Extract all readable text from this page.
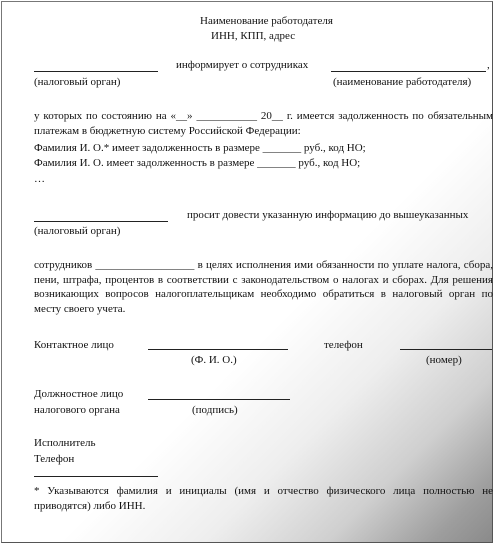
Наименование работодателя
ИНН, КПП, адрес
информирует о сотрудниках	,
(налоговый орган)	(наименование работодателя)
у которых по состоянию на «__» ___________ 20__ г. имеется задолженность по обязательным платежам в бюджетную систему Российской Федерации:
Фамилия И. О.* имеет задолженность в размере _______ руб., код НО;
Фамилия И. О. имеет задолженность в размере _______ руб., код НО;
…
просит довести указанную информацию до вышеуказанных
(налоговый орган)
сотрудников __________________ в целях исполнения ими обязанности по уплате налога, сбора, пени, штрафа, процентов в соответствии с законодательством о налогах и сборах. Для решения возникающих вопросов налогоплательщикам необходимо обратиться в налоговый орган по месту своего учета.
Контактное лицо	телефон
(Ф. И. О.)	(номер)
Должностное лицо
налогового органа	(подпись)
Исполнитель
Телефон
* Указываются фамилия и инициалы (имя и отчество физического лица полностью не приводятся) либо ИНН.
